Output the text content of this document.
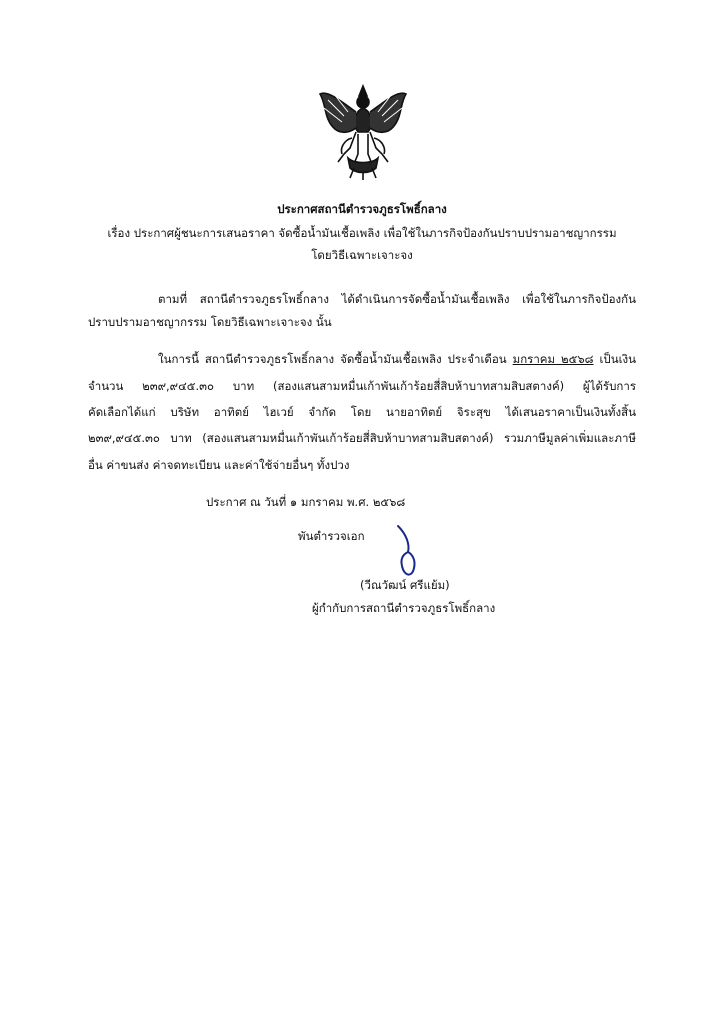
ประกาศสถานีตำรวจภูธรโพธิ์กลาง
เรื่อง ประกาศผู้ชนะการเสนอราคา จัดซื้อน้ำมันเชื้อเพลิง เพื่อใช้ในภารกิจป้องกันปราบปรามอาชญากรรม
โดยวิธีเฉพาะเจาะจง
ตามที่ สถานีตำรวจภูธรโพธิ์กลาง ได้ดำเนินการจัดซื้อน้ำมันเชื้อเพลิง เพื่อใช้ในภารกิจป้องกัน
ปราบปรามอาชญากรรม โดยวิธีเฉพาะเจาะจง นั้น
ในการนี้ สถานีตำรวจภูธรโพธิ์กลาง จัดซื้อน้ำมันเชื้อเพลิง ประจำเดือน มกราคม ๒๕๖๘ เป็นเงิน
จำนวน ๒๓๙,๙๔๕.๓๐ บาท (สองแสนสามหมื่นเก้าพันเก้าร้อยสี่สิบห้าบาทสามสิบสตางค์) ผู้ได้รับการ
คัดเลือกได้แก่ บริษัท อาทิตย์ ไฮเวย์ จำกัด โดย นายอาทิตย์ จิระสุข ได้เสนอราคาเป็นเงินทั้งสิ้น
๒๓๙,๙๔๕.๓๐ บาท (สองแสนสามหมื่นเก้าพันเก้าร้อยสี่สิบห้าบาทสามสิบสตางค์) รวมภาษีมูลค่าเพิ่มและภาษี
อื่น ค่าขนส่ง ค่าจดทะเบียน และค่าใช้จ่ายอื่นๆ ทั้งปวง
ประกาศ ณ วันที่ ๑ มกราคม พ.ศ. ๒๕๖๘
พันตำรวจเอก
(วีณวัฒน์ ศรีแย้ม)
ผู้กำกับการสถานีตำรวจภูธรโพธิ์กลาง
